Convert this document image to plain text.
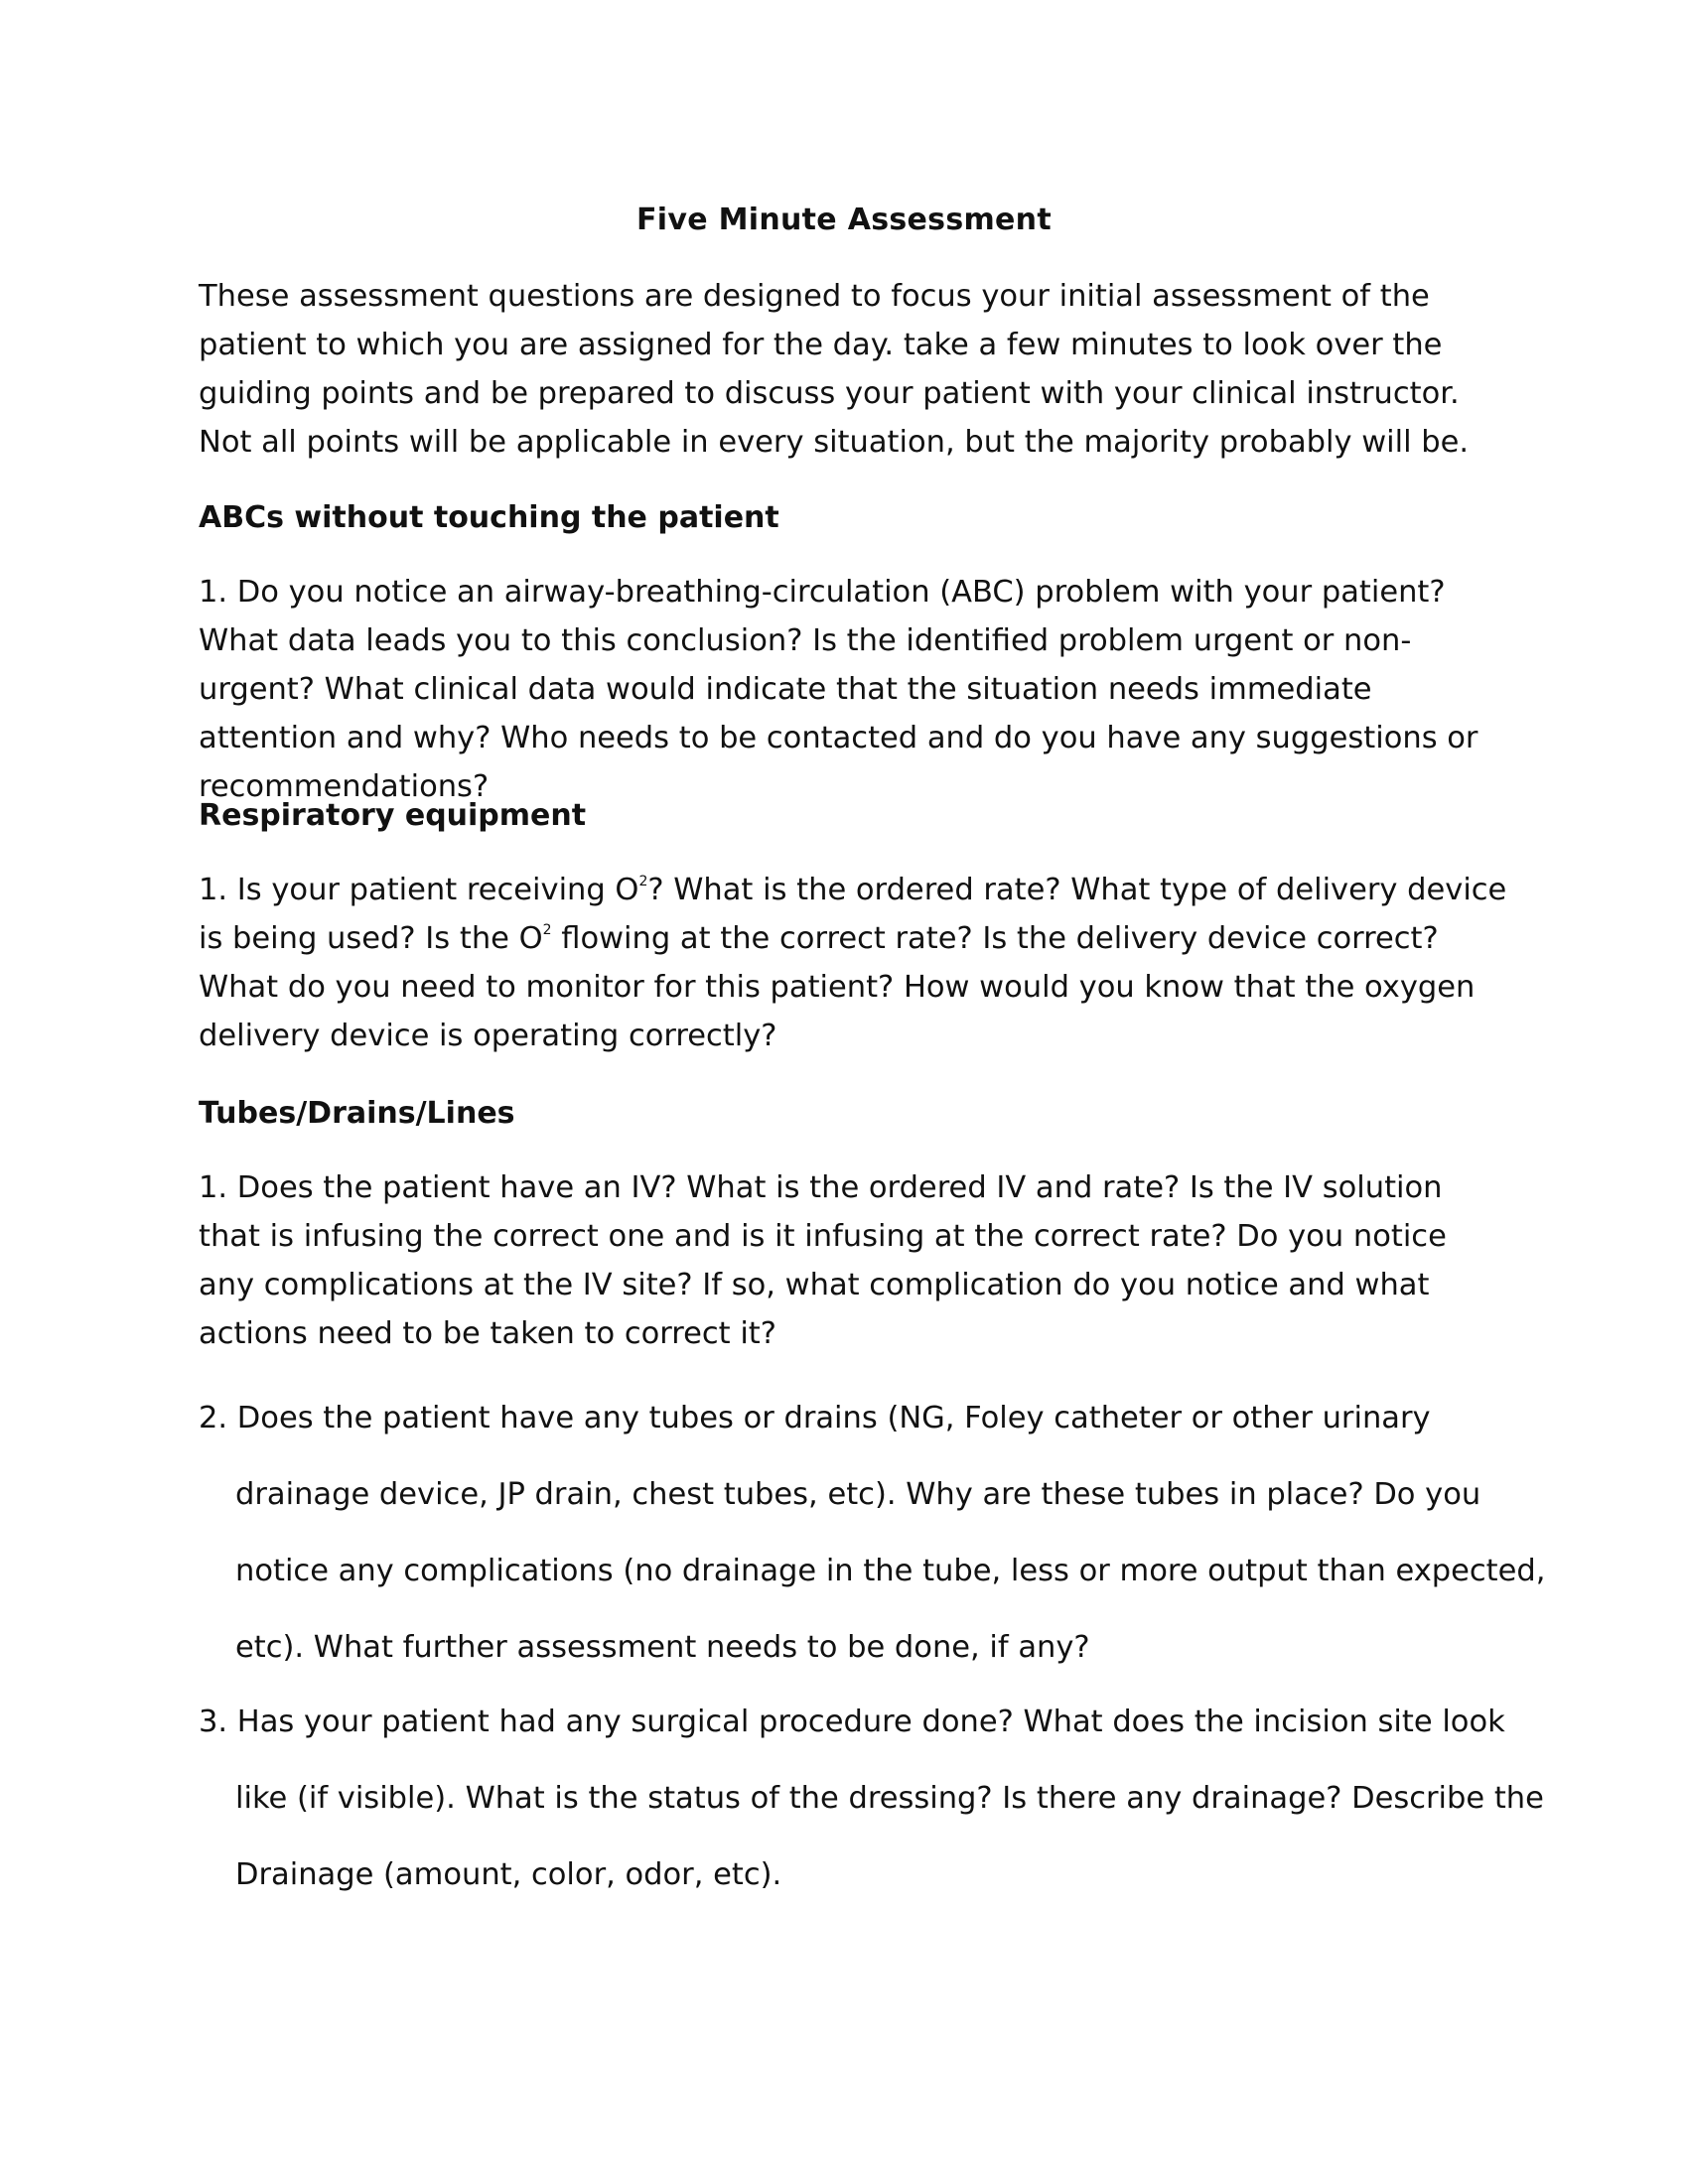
Five Minute Assessment

These assessment questions are designed to focus your initial assessment of the patient to which you are assigned for the day. take a few minutes to look over the guiding points and be prepared to discuss your patient with your clinical instructor. Not all points will be applicable in every situation, but the majority probably will be.

ABCs without touching the patient

1. Do you notice an airway-breathing-circulation (ABC) problem with your patient? What data leads you to this conclusion? Is the identified problem urgent or non-urgent? What clinical data would indicate that the situation needs immediate attention and why? Who needs to be contacted and do you have any suggestions or recommendations?

Respiratory equipment

1. Is your patient receiving $O^2$? What is the ordered rate? What type of delivery device is being used? Is the $O^2$ flowing at the correct rate? Is the delivery device correct? What do you need to monitor for this patient? How would you know that the oxygen delivery device is operating correctly?

Tubes/Drains/Lines

1. Does the patient have an IV? What is the ordered IV and rate? Is the IV solution that is infusing the correct one and is it infusing at the correct rate? Do you notice any complications at the IV site? If so, what complication do you notice and what actions need to be taken to correct it?

2. Does the patient have any tubes or drains (NG, Foley catheter or other urinary drainage device, JP drain, chest tubes, etc). Why are these tubes in place? Do you notice any complications (no drainage in the tube, less or more output than expected, etc). What further assessment needs to be done, if any?
3. Has your patient had any surgical procedure done? What does the incision site look like (if visible). What is the status of the dressing? Is there any drainage? Describe the Drainage (amount, color, odor, etc).
